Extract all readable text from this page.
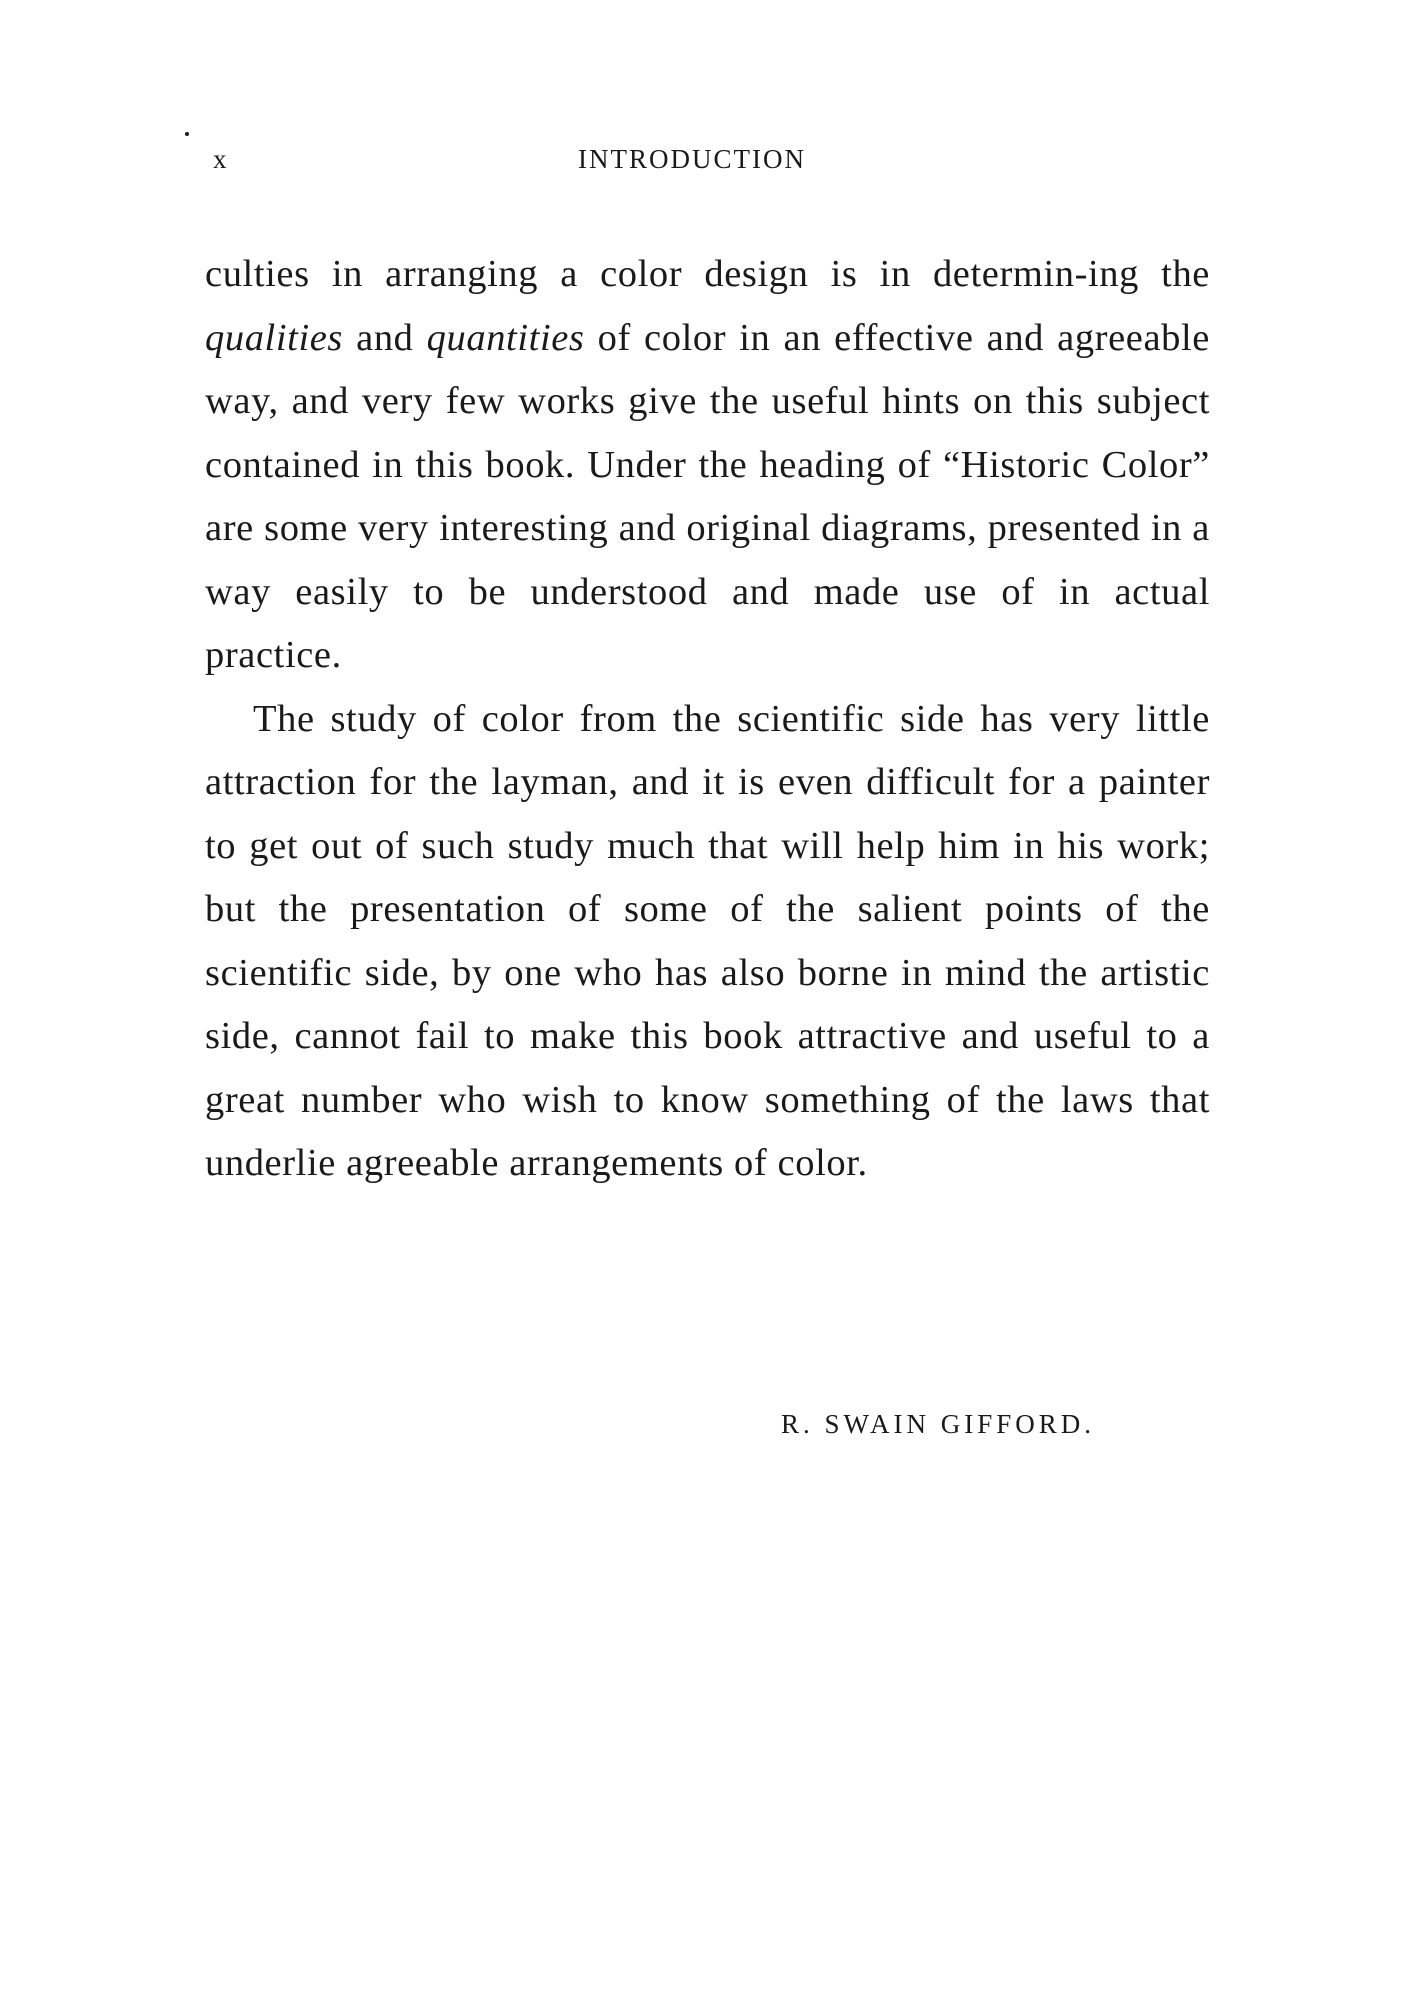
x	INTRODUCTION

culties in arranging a color design is in determin-ing the qualities and quantities of color in an effective and agreeable way, and very few works give the useful hints on this subject contained in this book. Under the heading of “Historic Color” are some very interesting and original diagrams, presented in a way easily to be understood and made use of in actual practice.

The study of color from the scientific side has very little attraction for the layman, and it is even difficult for a painter to get out of such study much that will help him in his work; but the presentation of some of the salient points of the scientific side, by one who has also borne in mind the artistic side, cannot fail to make this book attractive and useful to a great number who wish to know something of the laws that underlie agreeable arrangements of color.

R. SWAIN GIFFORD.
